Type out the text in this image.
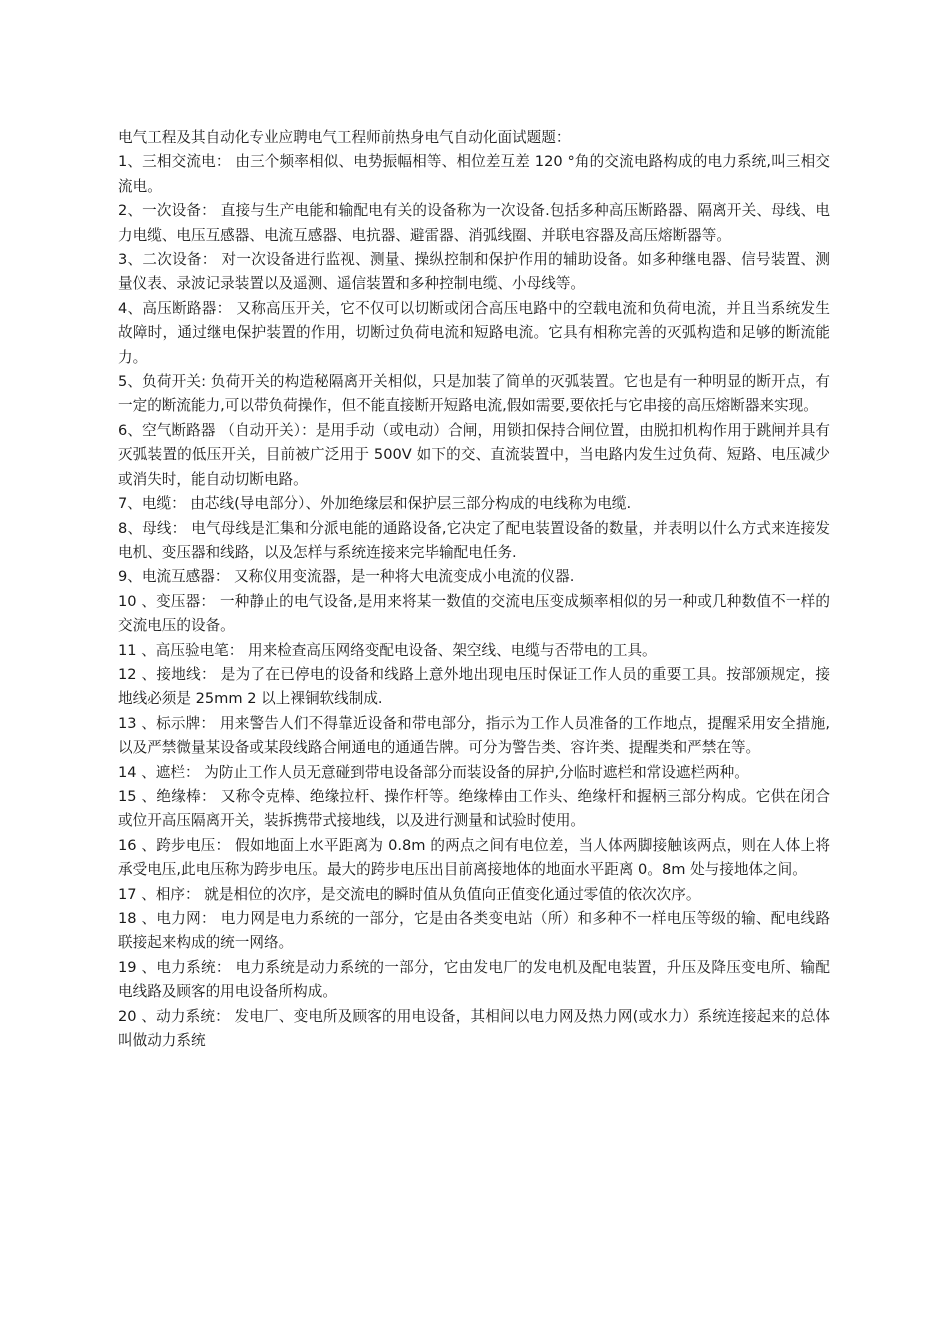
电气工程及其自动化专业应聘电气工程师前热身电气自动化面试题题：

1、三相交流电： 由三个频率相似、电势振幅相等、相位差互差 120 °角的交流电路构成的电力系统,叫三相交流电。

2、一次设备： 直接与生产电能和输配电有关的设备称为一次设备.包括多种高压断路器、隔离开关、母线、电力电缆、电压互感器、电流互感器、电抗器、避雷器、消弧线圈、并联电容器及高压熔断器等。

3、二次设备： 对一次设备进行监视、测量、操纵控制和保护作用的辅助设备。如多种继电器、信号装置、测量仪表、录波记录装置以及遥测、遥信装置和多种控制电缆、小母线等。

4、高压断路器： 又称高压开关，它不仅可以切断或闭合高压电路中的空载电流和负荷电流，并且当系统发生故障时，通过继电保护装置的作用，切断过负荷电流和短路电流。它具有相称完善的灭弧构造和足够的断流能力。

5、负荷开关: 负荷开关的构造秘隔离开关相似，只是加装了简单的灭弧装置。它也是有一种明显的断开点，有一定的断流能力,可以带负荷操作，但不能直接断开短路电流,假如需要,要依托与它串接的高压熔断器来实现。

6、空气断路器 （自动开关）：是用手动（或电动）合闸，用锁扣保持合闸位置，由脱扣机构作用于跳闸并具有灭弧装置的低压开关，目前被广泛用于 500V 如下的交、直流装置中，当电路内发生过负荷、短路、电压减少或消失时，能自动切断电路。

7、电缆： 由芯线(导电部分）、外加绝缘层和保护层三部分构成的电线称为电缆.

8、母线： 电气母线是汇集和分派电能的通路设备,它决定了配电装置设备的数量，并表明以什么方式来连接发电机、变压器和线路，以及怎样与系统连接来完毕输配电任务.

9、电流互感器： 又称仪用变流器，是一种将大电流变成小电流的仪器.

10 、变压器： 一种静止的电气设备,是用来将某一数值的交流电压变成频率相似的另一种或几种数值不一样的交流电压的设备。

11 、高压验电笔： 用来检查高压网络变配电设备、架空线、电缆与否带电的工具。

12 、接地线： 是为了在已停电的设备和线路上意外地出现电压时保证工作人员的重要工具。按部颁规定，接地线必须是 25mm 2 以上裸铜软线制成.

13 、标示牌： 用来警告人们不得靠近设备和带电部分，指示为工作人员准备的工作地点，提醒采用安全措施,以及严禁微量某设备或某段线路合闸通电的通通告牌。可分为警告类、容许类、提醒类和严禁在等。

14 、遮栏： 为防止工作人员无意碰到带电设备部分而装设备的屏护,分临时遮栏和常设遮栏两种。

15 、绝缘棒： 又称令克棒、绝缘拉杆、操作杆等。绝缘棒由工作头、绝缘杆和握柄三部分构成。它供在闭合或位开高压隔离开关，装拆携带式接地线，以及进行测量和试验时使用。

16 、跨步电压： 假如地面上水平距离为 0.8m 的两点之间有电位差，当人体两脚接触该两点，则在人体上将承受电压,此电压称为跨步电压。最大的跨步电压出目前离接地体的地面水平距离 0。8m 处与接地体之间。

17 、相序： 就是相位的次序，是交流电的瞬时值从负值向正值变化通过零值的依次次序。

18 、电力网： 电力网是电力系统的一部分，它是由各类变电站（所）和多种不一样电压等级的输、配电线路联接起来构成的统一网络。

19 、电力系统： 电力系统是动力系统的一部分，它由发电厂的发电机及配电装置，升压及降压变电所、输配电线路及顾客的用电设备所构成。

20 、动力系统： 发电厂、变电所及顾客的用电设备，其相间以电力网及热力网(或水力）系统连接起来的总体叫做动力系统
